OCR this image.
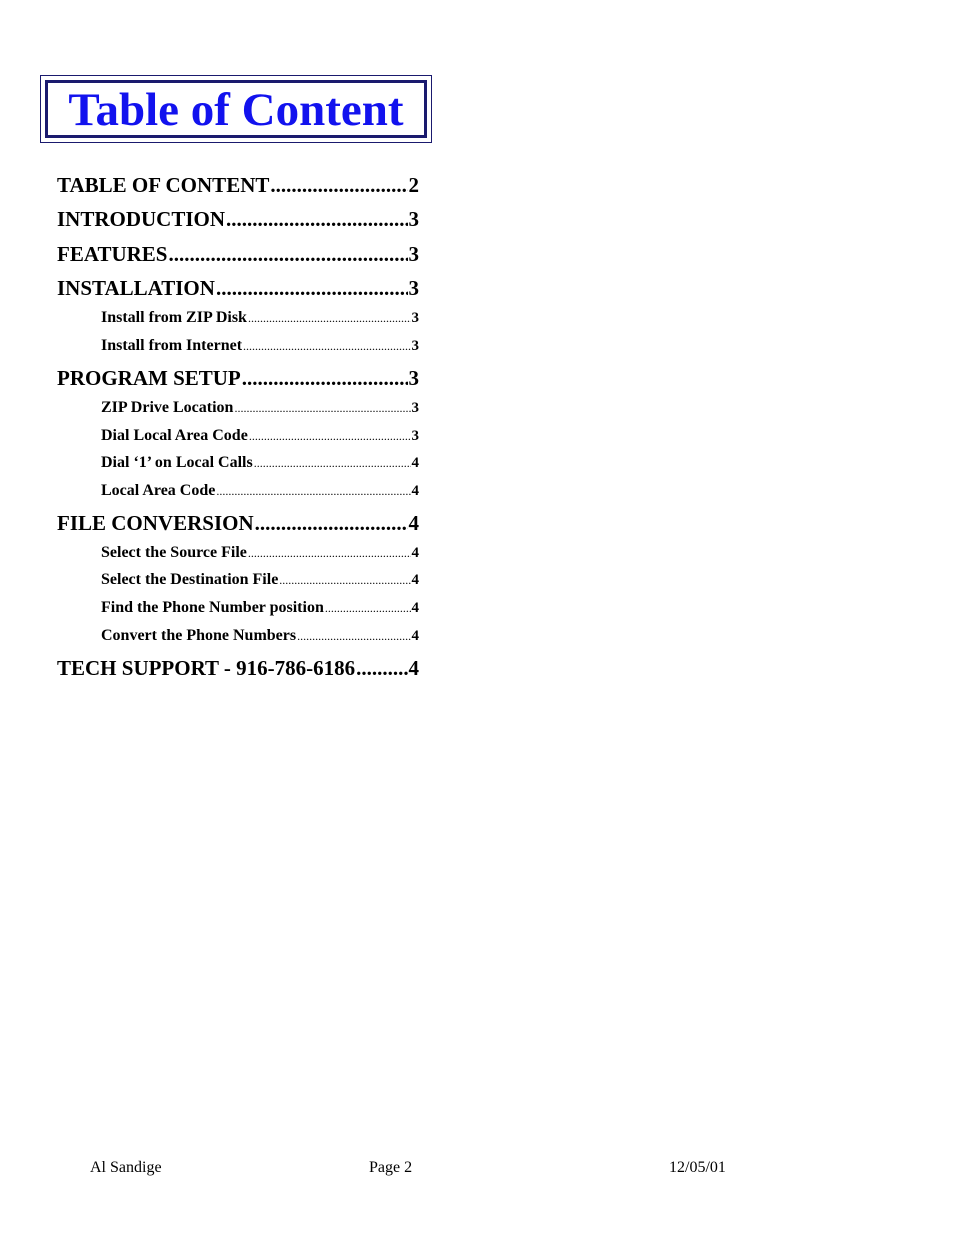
Table of Content
TABLE OF CONTENT .....	2
INTRODUCTION .....	3
FEATURES .....	3
INSTALLATION .....	3
Install from ZIP Disk .....	3
Install from Internet .....	3
PROGRAM SETUP .....	3
ZIP Drive Location .....	3
Dial Local Area Code .....	3
Dial ‘1’ on Local Calls .....	4
Local Area Code .....	4
FILE CONVERSION .....	4
Select the Source File .....	4
Select the Destination File .....	4
Find the Phone Number position .....	4
Convert the Phone Numbers .....	4
TECH SUPPORT - 916-786-6186 .....	4
Al Sandige	Page 2	12/05/01
